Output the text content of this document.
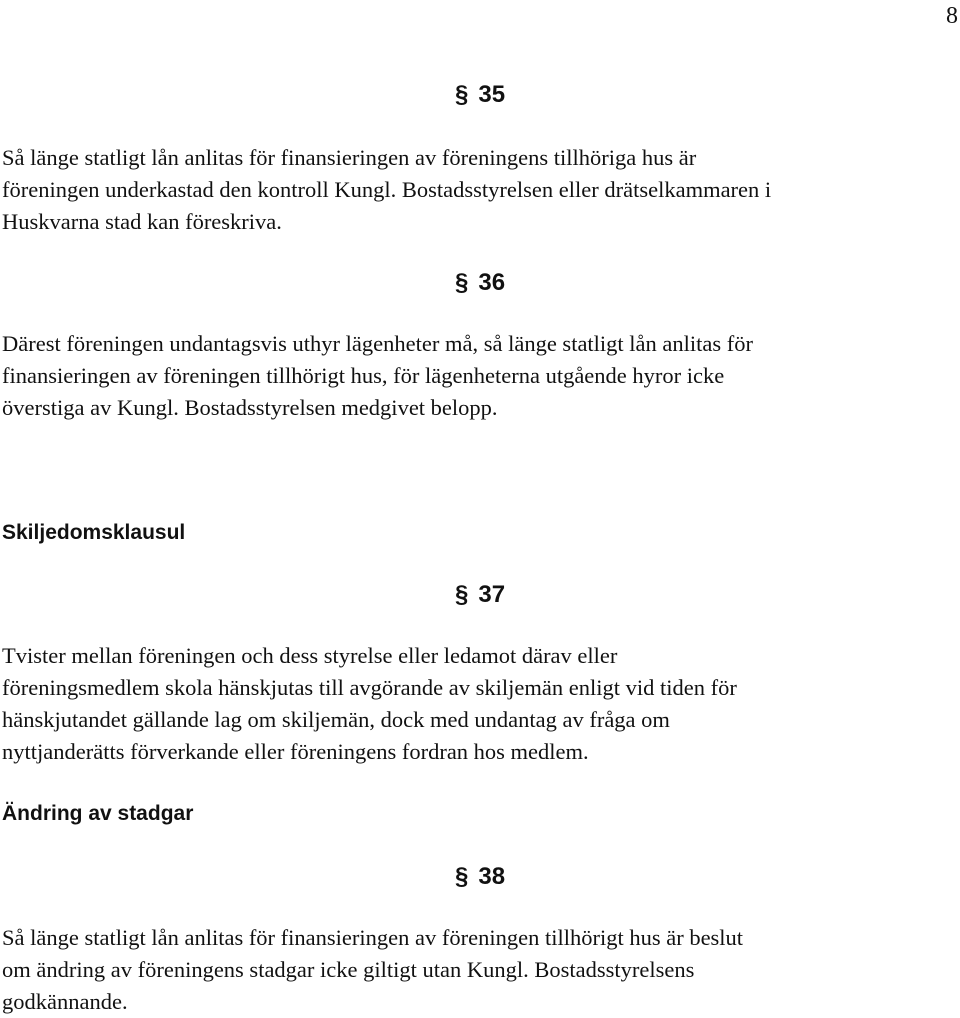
8
§ 35
Så länge statligt lån anlitas för finansieringen av föreningens tillhöriga hus är
föreningen underkastad den kontroll Kungl. Bostadsstyrelsen eller drätselkammaren i
Huskvarna stad kan föreskriva.
§ 36
Därest föreningen undantagsvis uthyr lägenheter må, så länge statligt lån anlitas för
finansieringen av föreningen tillhörigt hus, för lägenheterna utgående hyror icke
överstiga av Kungl. Bostadsstyrelsen medgivet belopp.
Skiljedomsklausul
§ 37
Tvister mellan föreningen och dess styrelse eller ledamot därav eller
föreningsmedlem skola hänskjutas till avgörande av skiljemän enligt vid tiden för
hänskjutandet gällande lag om skiljemän, dock med undantag av fråga om
nyttjanderätts förverkande eller föreningens fordran hos medlem.
Ändring av stadgar
§ 38
Så länge statligt lån anlitas för finansieringen av föreningen tillhörigt hus är beslut
om ändring av föreningens stadgar icke giltigt utan Kungl. Bostadsstyrelsens
godkännande.
